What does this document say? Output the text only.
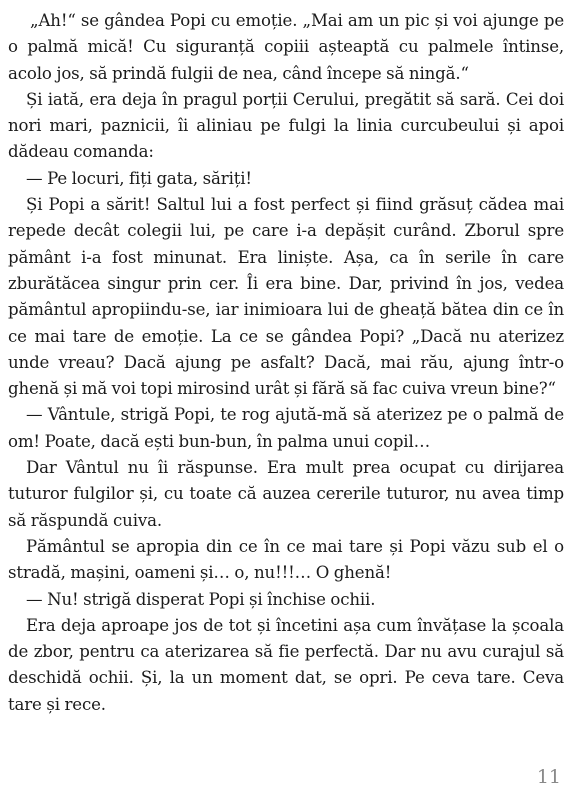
„Ah!“ se gândea Popi cu emoție. „Mai am un pic și voi ajunge pe o palmă mică! Cu siguranță copiii așteaptă cu palmele întinse, acolo jos, să prindă fulgii de nea, când începe să ningă.“

Și iată, era deja în pragul porții Cerului, pregătit să sară. Cei doi nori mari, paznicii, îi aliniau pe fulgi la linia curcubeului și apoi dădeau comanda:

— Pe locuri, fiți gata, săriți!

Și Popi a sărit! Saltul lui a fost perfect și fiind grăsuț cădea mai repede decât colegii lui, pe care i-a depășit curând. Zborul spre pământ i-a fost minunat. Era liniște. Așa, ca în serile în care zburătăcea singur prin cer. Îi era bine. Dar, privind în jos, vedea pământul apropiindu-se, iar inimioara lui de gheață bătea din ce în ce mai tare de emoție. La ce se gândea Popi? „Dacă nu aterizez unde vreau? Dacă ajung pe asfalt? Dacă, mai rău, ajung într-o ghenă și mă voi topi mirosind urât și fără să fac cuiva vreun bine?“

— Vântule, strigă Popi, te rog ajută-mă să aterizez pe o palmă de om! Poate, dacă ești bun-bun, în palma unui copil…

Dar Vântul nu îi răspunse. Era mult prea ocupat cu dirijarea tuturor fulgilor și, cu toate că auzea cererile tuturor, nu avea timp să răspundă cuiva.

Pământul se apropia din ce în ce mai tare și Popi văzu sub el o stradă, mașini, oameni și… o, nu!!!… O ghenă!

— Nu! strigă disperat Popi și închise ochii.

Era deja aproape jos de tot și încetini așa cum învățase la școala de zbor, pentru ca aterizarea să fie perfectă. Dar nu avu curajul să deschidă ochii. Și, la un moment dat, se opri. Pe ceva tare. Ceva tare și rece.

11
